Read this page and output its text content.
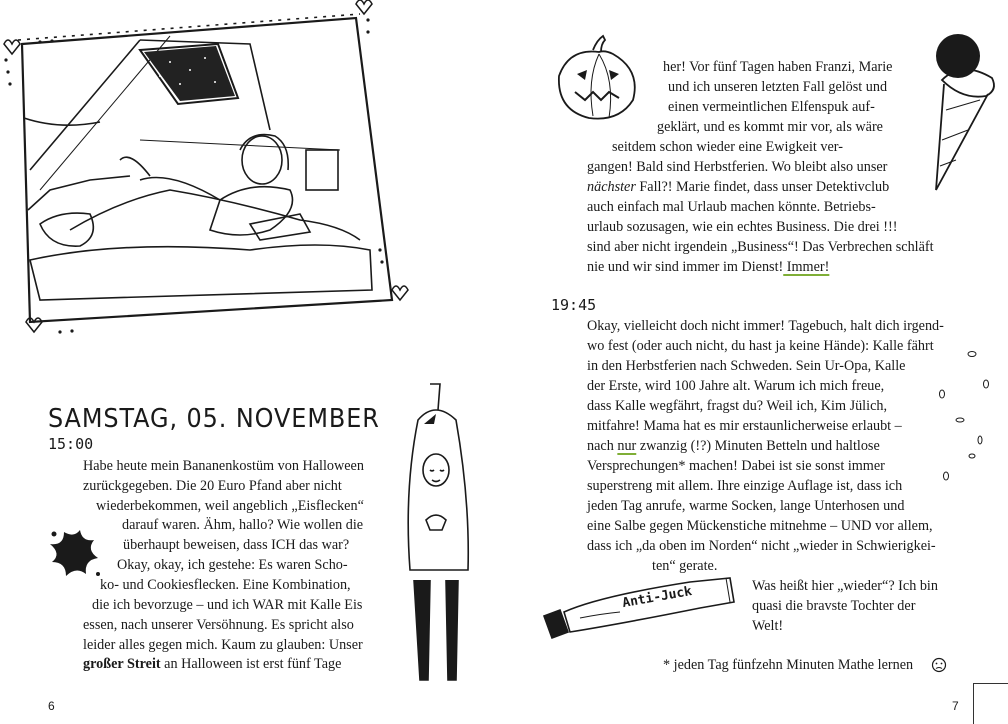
SAMSTAG, 05. NOVEMBER
15:00
Habe heute mein Bananenkostüm von Halloween
zurückgegeben. Die 20 Euro Pfand aber nicht
wiederbekommen, weil angeblich „Eisflecken“
darauf waren. Ähm, hallo? Wie wollen die
überhaupt beweisen, dass ICH das war?
Okay, okay, ich gestehe: Es waren Scho-
ko- und Cookiesflecken. Eine Kombination,
die ich bevorzuge – und ich WAR mit Kalle Eis
essen, nach unserer Versöhnung. Es spricht also
leider alles gegen mich. Kaum zu glauben: Unser
großer Streit an Halloween ist erst fünf Tage
6
her! Vor fünf Tagen haben Franzi, Marie
und ich unseren letzten Fall gelöst und
einen vermeintlichen Elfenspuk auf-
geklärt, und es kommt mir vor, als wäre
seitdem schon wieder eine Ewigkeit ver-
gangen! Bald sind Herbstferien. Wo bleibt also unser
nächster Fall?! Marie findet, dass unser Detektivclub
auch einfach mal Urlaub machen könnte. Betriebs-
urlaub sozusagen, wie ein echtes Business. Die drei !!!
sind aber nicht irgendein „Business“! Das Verbrechen schläft
nie und wir sind immer im Dienst! Immer!
19:45
Okay, vielleicht doch nicht immer! Tagebuch, halt dich irgend-
wo fest (oder auch nicht, du hast ja keine Hände): Kalle fährt
in den Herbstferien nach Schweden. Sein Ur-Opa, Kalle
der Erste, wird 100 Jahre alt. Warum ich mich freue,
dass Kalle wegfährt, fragst du? Weil ich, Kim Jülich,
mitfahre! Mama hat es mir erstaunlicherweise erlaubt –
nach nur zwanzig (!?) Minuten Betteln und haltlose
Versprechungen* machen! Dabei ist sie sonst immer
superstreng mit allem. Ihre einzige Auflage ist, dass ich
jeden Tag anrufe, warme Socken, lange Unterhosen und
eine Salbe gegen Mückenstiche mitnehme – UND vor allem,
dass ich „da oben im Norden“ nicht „wieder in Schwierigkei-
ten“ gerate.
Was heißt hier „wieder“? Ich bin
quasi die bravste Tochter der
Welt!
Anti-Juck
* jeden Tag fünfzehn Minuten Mathe lernen
7
